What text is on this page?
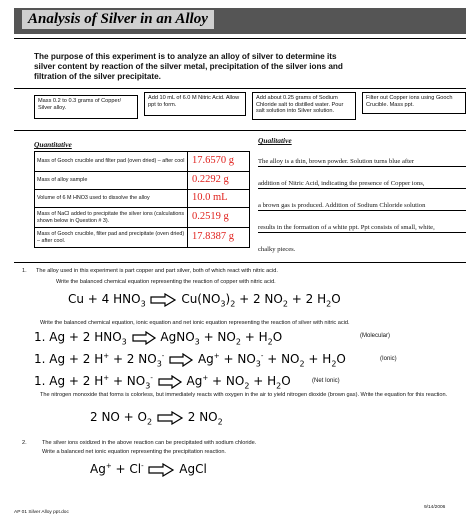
Analysis of Silver in an Alloy
The purpose of this experiment is to analyze an alloy of silver to determine its silver content by reaction of the silver metal, precipitation of the silver ions and filtration of the silver precipitate.
Mass 0.2 to 0.3 grams of Copper/ Silver alloy.
Add 10 mL of 6.0 M Nitric Acid. Allow ppt to form.
Add about 0.25 grams of Sodium Chloride salt to distilled water. Pour salt solution into Silver solution.
Filter out Copper ions using Gooch Crucible. Mass ppt.
Quantitative	Qualitative
Mass of Gooch crucible and filter pad (oven dried) – after cool	17.6570 g
Mass of alloy sample	0.2292 g
Volume of 6 M HNO3 used to dissolve the alloy	10.0 mL
Mass of NaCl added to precipitate the silver ions (calculations shown below in Question # 3).	0.2519 g
Mass of Gooch crucible, filter pad and precipitate (oven dried) – after cool.	17.8387 g
The alloy is a thin, brown powder. Solution turns blue after
addition of Nitric Acid, indicating the presence of Copper ions,
a brown gas is produced. Addition of Sodium Chloride solution
results in the formation of a white ppt. Ppt consists of small, white,
chalky pieces.
1. The alloy used in this experiment is part copper and part silver, both of which react with nitric acid.
Write the balanced chemical equation representing the reaction of copper with nitric acid.
Cu + 4 $HNO_3$	$Cu(NO_3)_2 + 2$ $NO_2 + 2$ $H_2O$
Write the balanced chemical equation, ionic equation and net ionic equation representing the reaction of silver with nitric acid.
1. Ag + 2 $HNO_3$  AgNO$_3$ + $NO_2 + H_2O$	(Molecular)
1. Ag + 2 H+ + 2 $NO_3^-$  $Ag^+ + NO_3^- + NO_2 + H_2O$	(Ionic)
1. Ag + 2 $H^+ + NO_3^-$  $Ag^+ + NO_2 + H_2O$	(Net Ionic)
The nitrogen monoxide that forms is colorless, but immediately reacts with oxygen in the air to yield nitrogen dioxide (brown gas). Write the equation for this reaction.
2 NO + $O_2$	2 $NO_2$
2.	The silver ions oxidized in the above reaction can be precipitated with sodium chloride.
Write a balanced net ionic equation representing the precipitation reaction.
Ag+ + Cl-	AgCl
AP 01 Silver Alloy ppt.doc
9/14/2006
